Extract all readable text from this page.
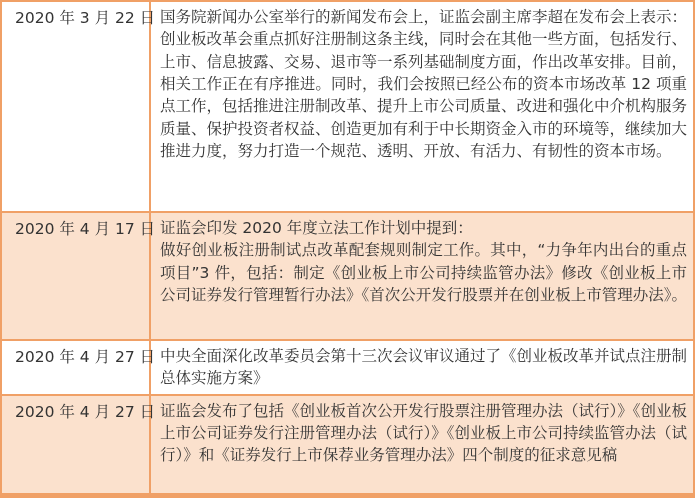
2020 年 3 月 22 日	国务院新闻办公室举行的新闻发布会上，证监会副主席李超在发布会上表示：创业板改革会重点抓好注册制这条主线，同时会在其他一些方面，包括发行、上市、信息披露、交易、退市等一系列基础制度方面，作出改革安排。目前，相关工作正在有序推进。同时，我们会按照已经公布的资本市场改革 12 项重点工作，包括推进注册制改革、提升上市公司质量、改进和强化中介机构服务质量、保护投资者权益、创造更加有利于中长期资金入市的环境等，继续加大推进力度，努力打造一个规范、透明、开放、有活力、有韧性的资本市场。

2020 年 4 月 17 日	证监会印发 2020 年度立法工作计划中提到：

做好创业板注册制试点改革配套规则制定工作。其中，“力争年内出台的重点项目”3 件，包括：制定《创业板上市公司持续监管办法》修改《创业板上市公司证券发行管理暂行办法》《首次公开发行股票并在创业板上市管理办法》。

2020 年 4 月 27 日	中央全面深化改革委员会第十三次会议审议通过了《创业板改革并试点注册制总体实施方案》

2020 年 4 月 27 日	证监会发布了包括《创业板首次公开发行股票注册管理办法（试行）》《创业板上市公司证券发行注册管理办法（试行）》《创业板上市公司持续监管办法（试行）》和《证券发行上市保荐业务管理办法》四个制度的征求意见稿
